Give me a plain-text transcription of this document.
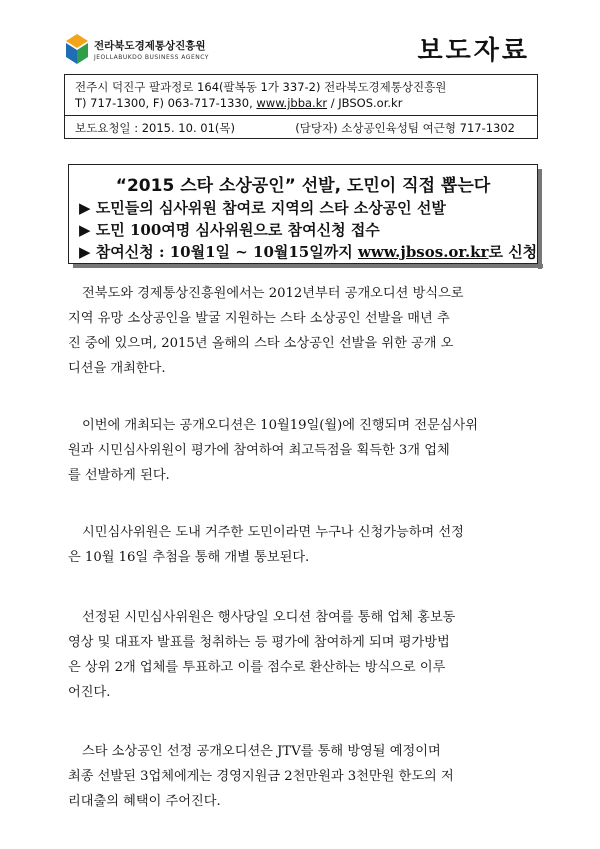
전라북도경제통상진흥원
JEOLLABUKDO BUSINESS AGENCY	보도자료
전주시 덕진구 팔과정로 164(팔복동 1가 337-2) 전라북도경제통상진흥원
T) 717-1300, F) 063-717-1330, www.jbba.kr / JBSOS.or.kr
보도요청일 : 2015. 10. 01(목)	(담당자) 소상공인육성팀 여근형 717-1302
“2015 스타 소상공인” 선발, 도민이 직접 뽑는다
▶ 도민들의 심사위원 참여로 지역의 스타 소상공인 선발
▶ 도민 100여명 심사위원으로 참여신청 접수
▶ 참여신청 : 10월1일 ~ 10월15일까지 www.jbsos.or.kr로 신청
전북도와 경제통상진흥원에서는 2012년부터 공개오디션 방식으로
지역 유망 소상공인을 발굴 지원하는 스타 소상공인 선발을 매년 추
진 중에 있으며, 2015년 올해의 스타 소상공인 선발을 위한 공개 오
디션을 개최한다.
이번에 개최되는 공개오디션은 10월19일(월)에 진행되며 전문심사위
원과 시민심사위원이 평가에 참여하여 최고득점을 획득한 3개 업체
를 선발하게 된다.
시민심사위원은 도내 거주한 도민이라면 누구나 신청가능하며 선정
은 10월 16일 추첨을 통해 개별 통보된다.
선정된 시민심사위원은 행사당일 오디션 참여를 통해 업체 홍보동
영상 및 대표자 발표를 청취하는 등 평가에 참여하게 되며 평가방법
은 상위 2개 업체를 투표하고 이를 점수로 환산하는 방식으로 이루
어진다.
스타 소상공인 선정 공개오디션은 JTV를 통해 방영될 예정이며
최종 선발된 3업체에게는 경영지원금 2천만원과 3천만원 한도의 저
리대출의 혜택이 주어진다.
